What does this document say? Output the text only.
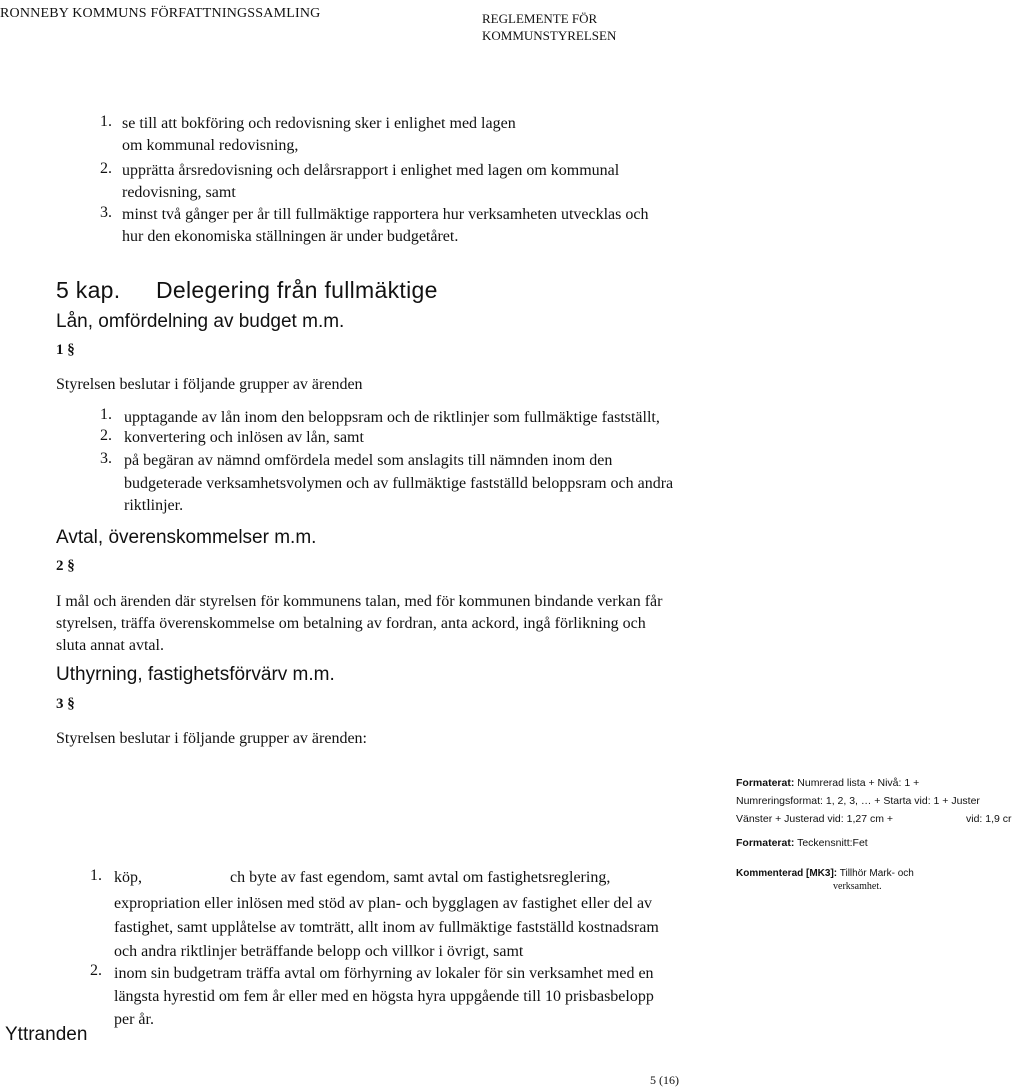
RONNEBY KOMMUNS FÖRFATTNINGSSAMLING	REGLEMENTE FÖR
KOMMUNSTYRELSEN
1. se till att bokföring och redovisning sker i enlighet med lagen
om kommunal redovisning,
2. upprätta årsredovisning och delårsrapport i enlighet med lagen om kommunal
redovisning, samt
3. minst två gånger per år till fullmäktige rapportera hur verksamheten utvecklas och
hur den ekonomiska ställningen är under budgetåret.
5 kap. Delegering från fullmäktige
Lån, omfördelning av budget m.m.
1 §
Styrelsen beslutar i följande grupper av ärenden
1. upptagande av lån inom den beloppsram och de riktlinjer som fullmäktige fastställt,
2. konvertering och inlösen av lån, samt
3. på begäran av nämnd omfördela medel som anslagits till nämnden inom den
budgeterade verksamhetsvolymen och av fullmäktige fastställd beloppsram och andra
riktlinjer.
Avtal, överenskommelser m.m.
2 §
I mål och ärenden där styrelsen för kommunens talan, med för kommunen bindande verkan får
styrelsen, träffa överenskommelse om betalning av fordran, anta ackord, ingå förlikning och
sluta annat avtal.
Uthyrning, fastighetsförvärv m.m.
3 §
Styrelsen beslutar i följande grupper av ärenden:
1. köp,	ch byte av fast egendom, samt avtal om fastighetsreglering,
expropriation eller inlösen med stöd av plan- och bygglagen av fastighet eller del av
fastighet, samt upplåtelse av tomträtt, allt inom av fullmäktige fastställd kostnadsram
och andra riktlinjer beträffande belopp och villkor i övrigt, samt
2. inom sin budgetram träffa avtal om förhyrning av lokaler för sin verksamhet med en
längsta hyrestid om fem år eller med en högsta hyra uppgående till 10 prisbasbelopp
per år.
Yttranden
Formaterat: Numrerad lista + Nivå: 1 +
Numreringsformat: 1, 2, 3, … + Starta vid: 1 + Juster
Vänster + Justerad vid: 1,27 cm +	vid: 1,9 cr
Formaterat: Teckensnitt:Fet
Kommenterad [MK3]: Tillhör Mark- och
verksamhet.
5 (16)
